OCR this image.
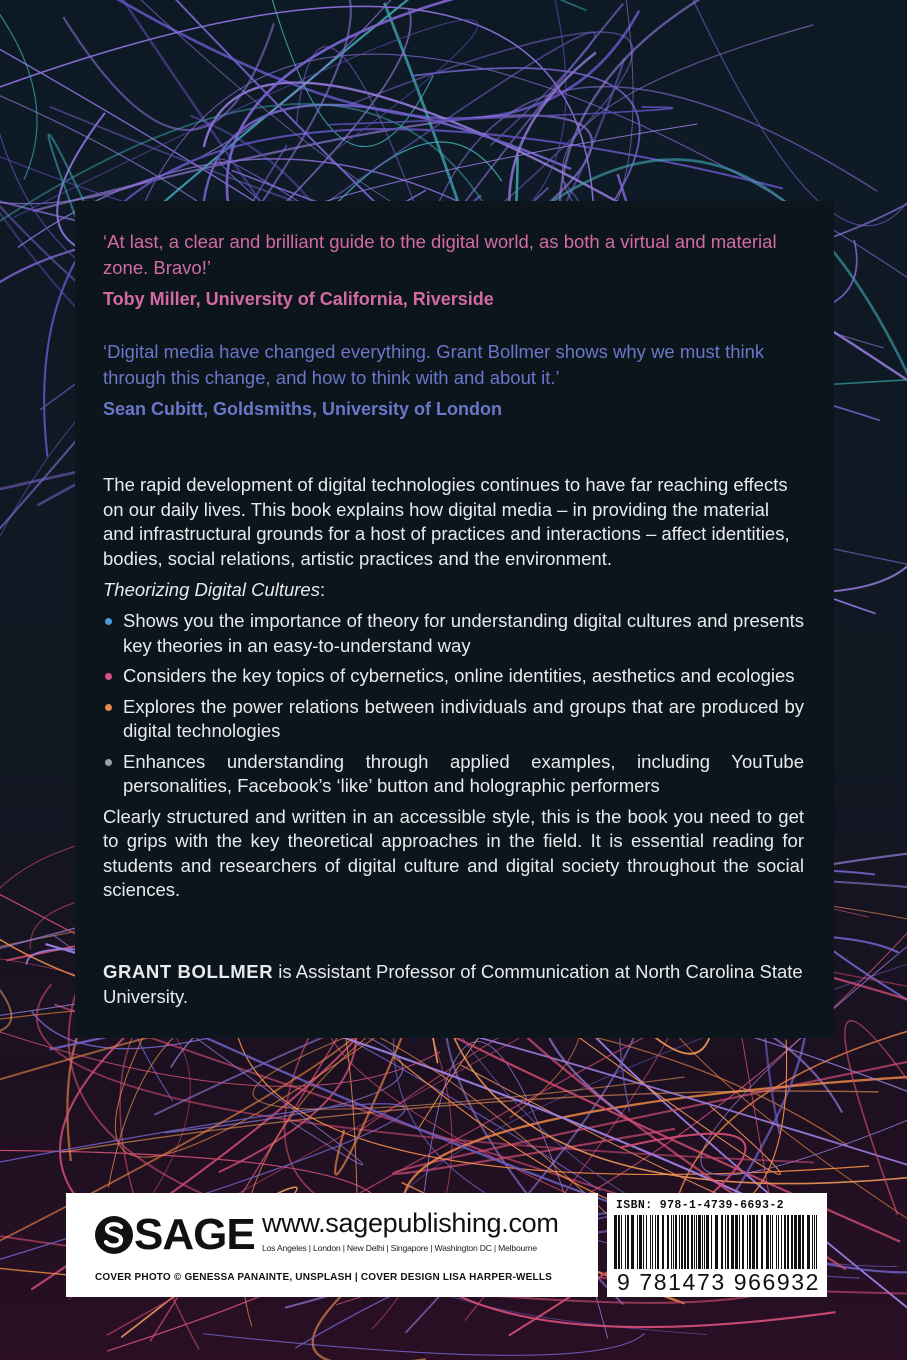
‘At last, a clear and brilliant guide to the digital world, as both a virtual and material zone. Bravo!’

Toby Miller, University of California, Riverside

‘Digital media have changed everything. Grant Bollmer shows why we must think through this change, and how to think with and about it.’

Sean Cubitt, Goldsmiths, University of London

The rapid development of digital technologies continues to have far reaching effects on our daily lives. This book explains how digital media – in providing the material and infrastructural grounds for a host of practices and interactions – affect identities, bodies, social relations, artistic practices and the environment.

Theorizing Digital Cultures:

Shows you the importance of theory for understanding digital cultures and presents key theories in an easy-to-understand way
Considers the key topics of cybernetics, online identities, aesthetics and ecologies
Explores the power relations between individuals and groups that are produced by digital technologies
Enhances understanding through applied examples, including YouTube personalities, Facebook’s ‘like’ button and holographic performers

Clearly structured and written in an accessible style, this is the book you need to get to grips with the key theoretical approaches in the field. It is essential reading for students and researchers of digital culture and digital society throughout the social sciences.

GRANT BOLLMER is Assistant Professor of Communication at North Carolina State University.

SAGE www.sagepublishing.com
Los Angeles | London | New Delhi | Singapore | Washington DC | Melbourne
COVER PHOTO © GENESSA PANAINTE, UNSPLASH | COVER DESIGN LISA HARPER-WELLS
ISBN: 978-1-4739-6693-2
9 781473 966932
